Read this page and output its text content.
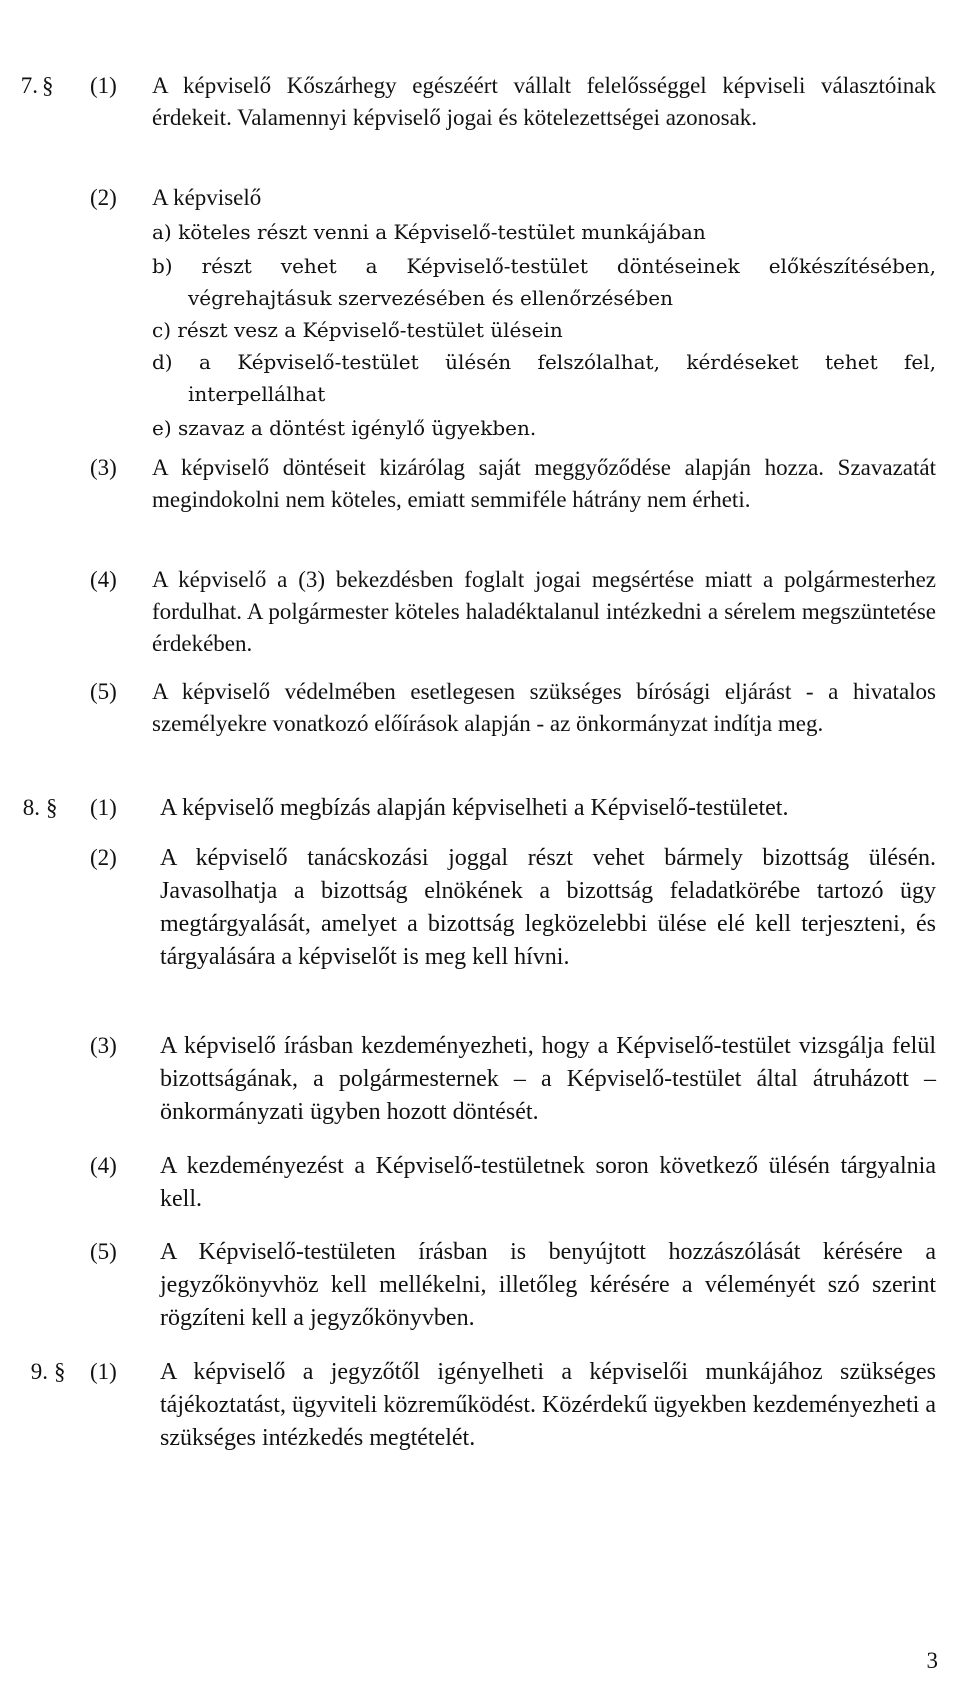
7. § (1)	A képviselő Kőszárhegy egészéért vállalt felelősséggel képviseli választóinak érdekeit. Valamennyi képviselő jogai és kötelezettségei azonosak.
(2)	A képviselő
a) köteles részt venni a Képviselő-testület munkájában
b) részt vehet a Képviselő-testület döntéseinek előkészítésében, végrehajtásuk szervezésében és ellenőrzésében
c) részt vesz a Képviselő-testület ülésein
d) a Képviselő-testület ülésén felszólalhat, kérdéseket tehet fel, interpellálhat
e) szavaz a döntést igénylő ügyekben.
(3)	A képviselő döntéseit kizárólag saját meggyőződése alapján hozza. Szavazatát megindokolni nem köteles, emiatt semmiféle hátrány nem érheti.
(4)	A képviselő a (3) bekezdésben foglalt jogai megsértése miatt a polgármesterhez fordulhat. A polgármester köteles haladéktalanul intézkedni a sérelem megszüntetése érdekében.
(5)	A képviselő védelmében esetlegesen szükséges bírósági eljárást - a hivatalos személyekre vonatkozó előírások alapján - az önkormányzat indítja meg.
8. § (1)	A képviselő megbízás alapján képviselheti a Képviselő-testületet.
(2)	A képviselő tanácskozási joggal részt vehet bármely bizottság ülésén. Javasolhatja a bizottság elnökének a bizottság feladatkörébe tartozó ügy megtárgyalását, amelyet a bizottság legközelebbi ülése elé kell terjeszteni, és tárgyalására a képviselőt is meg kell hívni.
(3)	A képviselő írásban kezdeményezheti, hogy a Képviselő-testület vizsgálja felül bizottságának, a polgármesternek – a Képviselő-testület által átruházott – önkormányzati ügyben hozott döntését.
(4)	A kezdeményezést a Képviselő-testületnek soron következő ülésén tárgyalnia kell.
(5)	A Képviselő-testületen írásban is benyújtott hozzászólását kérésére a jegyzőkönyvhöz kell mellékelni, illetőleg kérésére a véleményét szó szerint rögzíteni kell a jegyzőkönyvben.
9. § (1)	A képviselő a jegyzőtől igényelheti a képviselői munkájához szükséges tájékoztatást, ügyviteli közreműködést. Közérdekű ügyekben kezdeményezheti a szükséges intézkedés megtételét.
3
